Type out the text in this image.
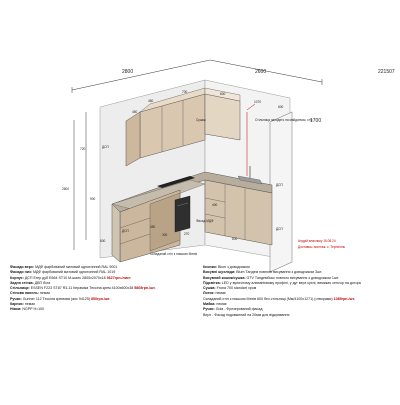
221507
2800	2600
450
450
700	600
1070
600
1700
720
900
2600
600
ДСП
ДСП
ДСП
ДСП
450
300	270
400
600
Сушка
Фасад МДФ
Складаний стіл з нишкою Мехів
Стільниця заходить на майданчик, стік
Андрій власнику 15.08.24
Доставка і монтаж: с. Тернопіль
Фасади верх: МДФ фарбований матовий однотонний RAL 9001
Фасади низ: МДФ фарбований матовий однотонний RAL 1019
Корпус: ДСП Егер дуб Е664 ST10 М-шаль 2800x2070x18 3627грн./лист
Задня стінка: ДВП біла
Стільниця: ESSEN F223 ST87 R3-11 Кераміка Тессіна крем 4100x600x38 5865грн./шт.
Стінова панель: немає
Ручки: Gurtner 112 Тессіна кремова (anc 94125) 850грн./шт.
Карниз: немає
Ніжки: NGPP H=100
Кнопки: Blum з доводчиком
Висувні шухляди: Blum Тандем повного висування з доводчиком 3шт.
Висувний кошик/сушка: GTV Тандембокс повного висування з доводчиком 1шт.
Підсвітка: LED у вуличному алюмінієвому профілі, у дуг верх кухні, вимикач сенсор на доторк
Сушка: Frona 700 standart хром
Лоток: немає
Складаний стіл з нишкою Мехів 600 без стільниці (Мм/4100х1271) (отворами) 1085грн./шт.
Мийка: немає
Ручки: Gola - Фрезерований фасад
Верх - Фасад подовжений на 20мм для відкривання
